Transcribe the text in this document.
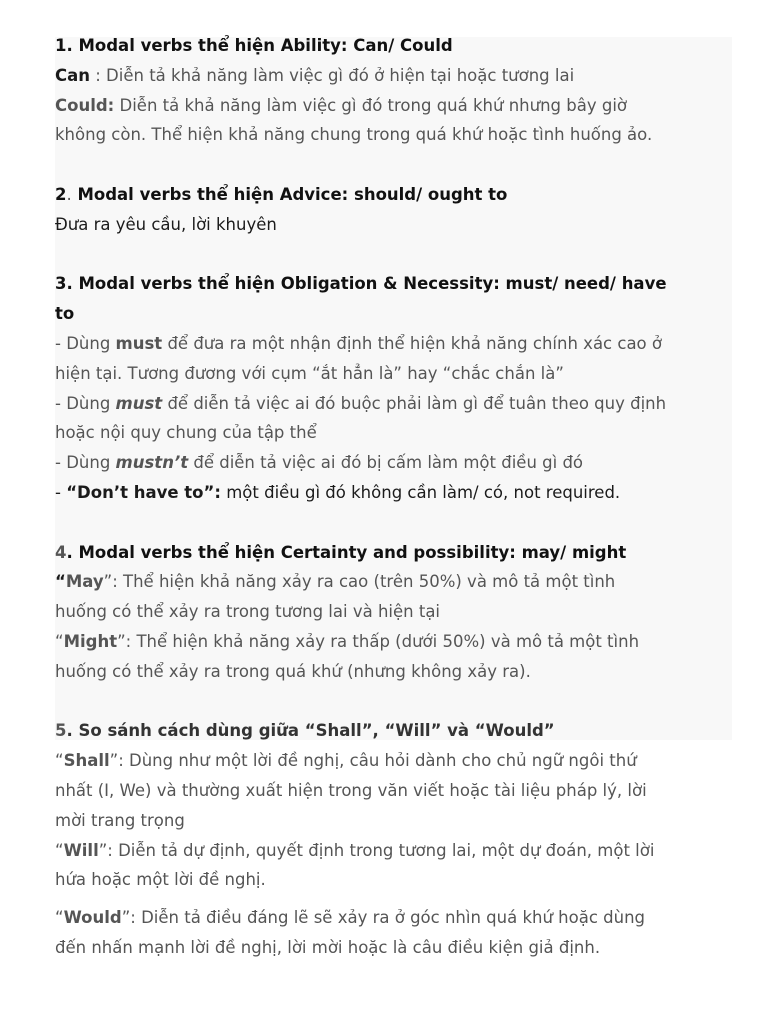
1. Modal verbs thể hiện Ability: Can/ Could
Can : Diễn tả khả năng làm việc gì đó ở hiện tại hoặc tương lai
Could: Diễn tả khả năng làm việc gì đó trong quá khứ nhưng bây giờ
không còn. Thể hiện khả năng chung trong quá khứ hoặc tình huống ảo.
2. Modal verbs thể hiện Advice: should/ ought to
Đưa ra yêu cầu, lời khuyên
3. Modal verbs thể hiện Obligation & Necessity: must/ need/ have
to
- Dùng must để đưa ra một nhận định thể hiện khả năng chính xác cao ở
hiện tại. Tương đương với cụm “ắt hẳn là” hay “chắc chắn là”
- Dùng must để diễn tả việc ai đó buộc phải làm gì để tuân theo quy định
hoặc nội quy chung của tập thể
- Dùng mustn’t để diễn tả việc ai đó bị cấm làm một điều gì đó
- “Don’t have to”: một điều gì đó không cần làm/ có, not required.
4. Modal verbs thể hiện Certainty and possibility: may/ might
“May”: Thể hiện khả năng xảy ra cao (trên 50%) và mô tả một tình
huống có thể xảy ra trong tương lai và hiện tại
“Might”: Thể hiện khả năng xảy ra thấp (dưới 50%) và mô tả một tình
huống có thể xảy ra trong quá khứ (nhưng không xảy ra).
5. So sánh cách dùng giữa “Shall”, “Will” và “Would”
“Shall”: Dùng như một lời đề nghị, câu hỏi dành cho chủ ngữ ngôi thứ
nhất (I, We) và thường xuất hiện trong văn viết hoặc tài liệu pháp lý, lời
mời trang trọng
“Will”: Diễn tả dự định, quyết định trong tương lai, một dự đoán, một lời
hứa hoặc một lời đề nghị.
“Would”: Diễn tả điều đáng lẽ sẽ xảy ra ở góc nhìn quá khứ hoặc dùng
đến nhấn mạnh lời đề nghị, lời mời hoặc là câu điều kiện giả định.
